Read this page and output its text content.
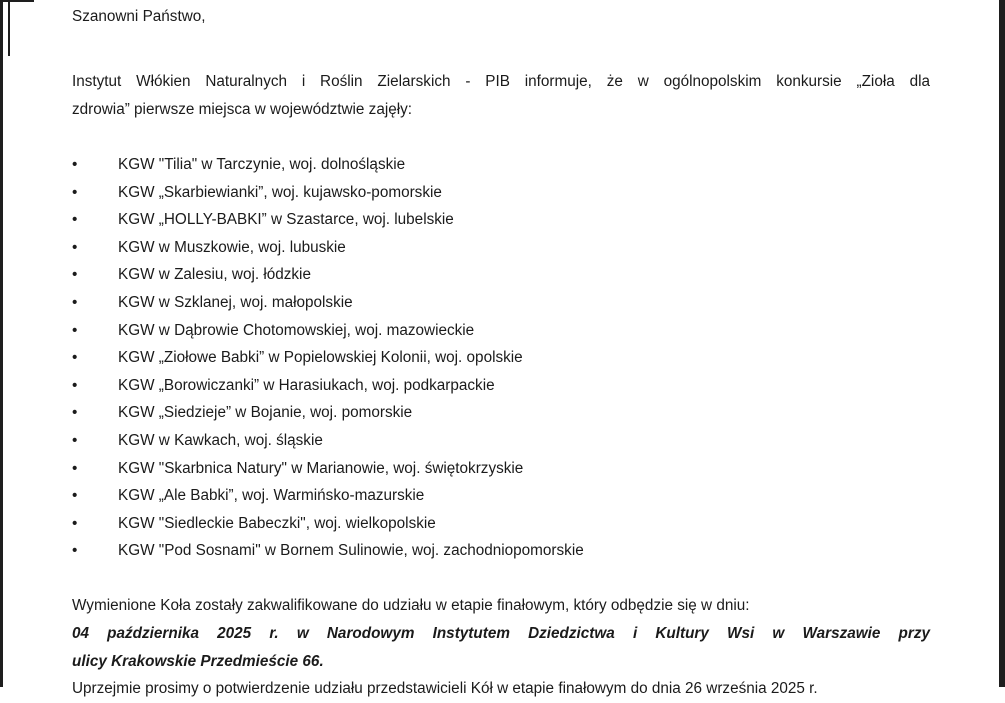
Szanowni Państwo,

Instytut Włókien Naturalnych i Roślin Zielarskich - PIB informuje, że w ogólnopolskim konkursie „Zioła dla
zdrowia” pierwsze miejsca w województwie zajęły:
•	KGW "Tilia" w Tarczynie, woj. dolnośląskie
•	KGW „Skarbiewianki”, woj. kujawsko-pomorskie
•	KGW „HOLLY-BABKI” w Szastarce, woj. lubelskie
•	KGW w Muszkowie, woj. lubuskie
•	KGW w Zalesiu, woj. łódzkie
•	KGW w Szklanej, woj. małopolskie
•	KGW w Dąbrowie Chotomowskiej, woj. mazowieckie
•	KGW „Ziołowe Babki” w Popielowskiej Kolonii, woj. opolskie
•	KGW „Borowiczanki” w Harasiukach, woj. podkarpackie
•	KGW „Siedzieje” w Bojanie, woj. pomorskie
•	KGW w Kawkach, woj. śląskie
•	KGW "Skarbnica Natury" w Marianowie, woj. świętokrzyskie
•	KGW „Ale Babki”, woj. Warmińsko-mazurskie
•	KGW "Siedleckie Babeczki", woj. wielkopolskie
•	KGW "Pod Sosnami" w Bornem Sulinowie, woj. zachodniopomorskie
Wymienione Koła zostały zakwalifikowane do udziału w etapie finałowym, który odbędzie się w dniu:
04 października 2025 r. w Narodowym Instytutem Dziedzictwa i Kultury Wsi w Warszawie przy
ulicy Krakowskie Przedmieście 66.
Uprzejmie prosimy o potwierdzenie udziału przedstawicieli Kół w etapie finałowym do dnia 26 września 2025 r.
